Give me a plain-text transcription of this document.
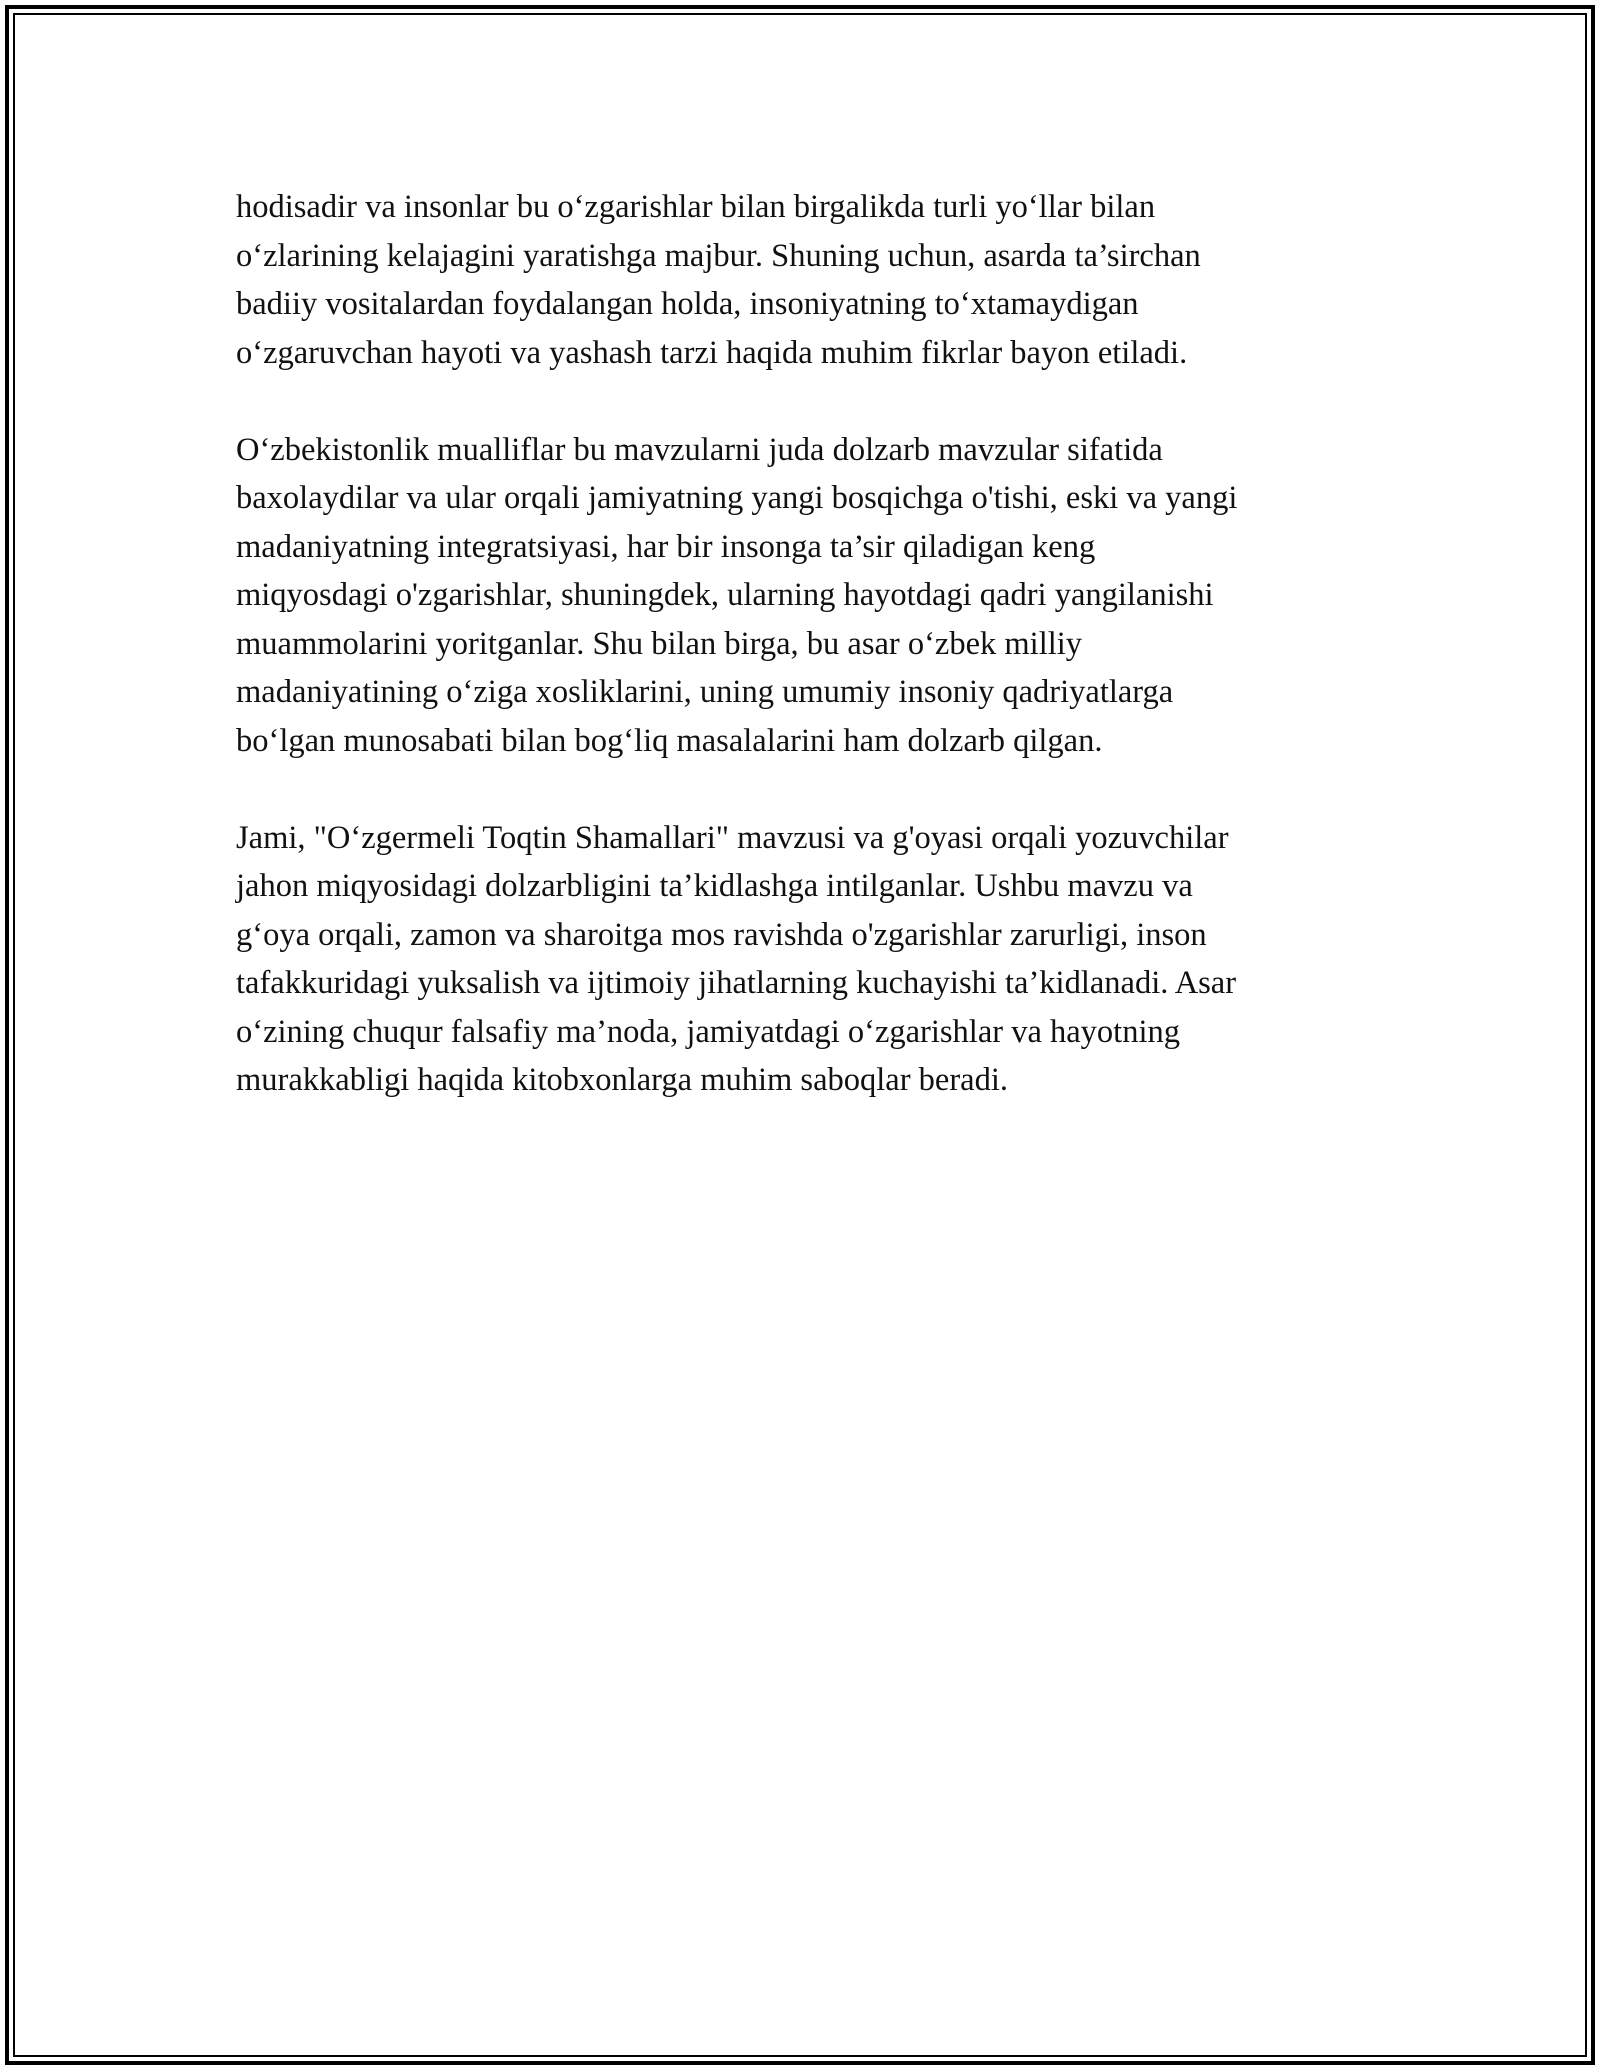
hodisadir va insonlar bu o‘zgarishlar bilan birgalikda turli yo‘llar bilan
o‘zlarining kelajagini yaratishga majbur. Shuning uchun, asarda ta’sirchan
badiiy vositalardan foydalangan holda, insoniyatning to‘xtamaydigan
o‘zgaruvchan hayoti va yashash tarzi haqida muhim fikrlar bayon etiladi.
O‘zbekistonlik mualliflar bu mavzularni juda dolzarb mavzular sifatida
baxolaydilar va ular orqali jamiyatning yangi bosqichga o'tishi, eski va yangi
madaniyatning integratsiyasi, har bir insonga ta’sir qiladigan keng
miqyosdagi o'zgarishlar, shuningdek, ularning hayotdagi qadri yangilanishi
muammolarini yoritganlar. Shu bilan birga, bu asar o‘zbek milliy
madaniyatining o‘ziga xosliklarini, uning umumiy insoniy qadriyatlarga
bo‘lgan munosabati bilan bog‘liq masalalarini ham dolzarb qilgan.
Jami, "O‘zgermeli Toqtin Shamallari" mavzusi va g'oyasi orqali yozuvchilar
jahon miqyosidagi dolzarbligini ta’kidlashga intilganlar. Ushbu mavzu va
g‘oya orqali, zamon va sharoitga mos ravishda o'zgarishlar zarurligi, inson
tafakkuridagi yuksalish va ijtimoiy jihatlarning kuchayishi ta’kidlanadi. Asar
o‘zining chuqur falsafiy ma’noda, jamiyatdagi o‘zgarishlar va hayotning
murakkabligi haqida kitobxonlarga muhim saboqlar beradi.
